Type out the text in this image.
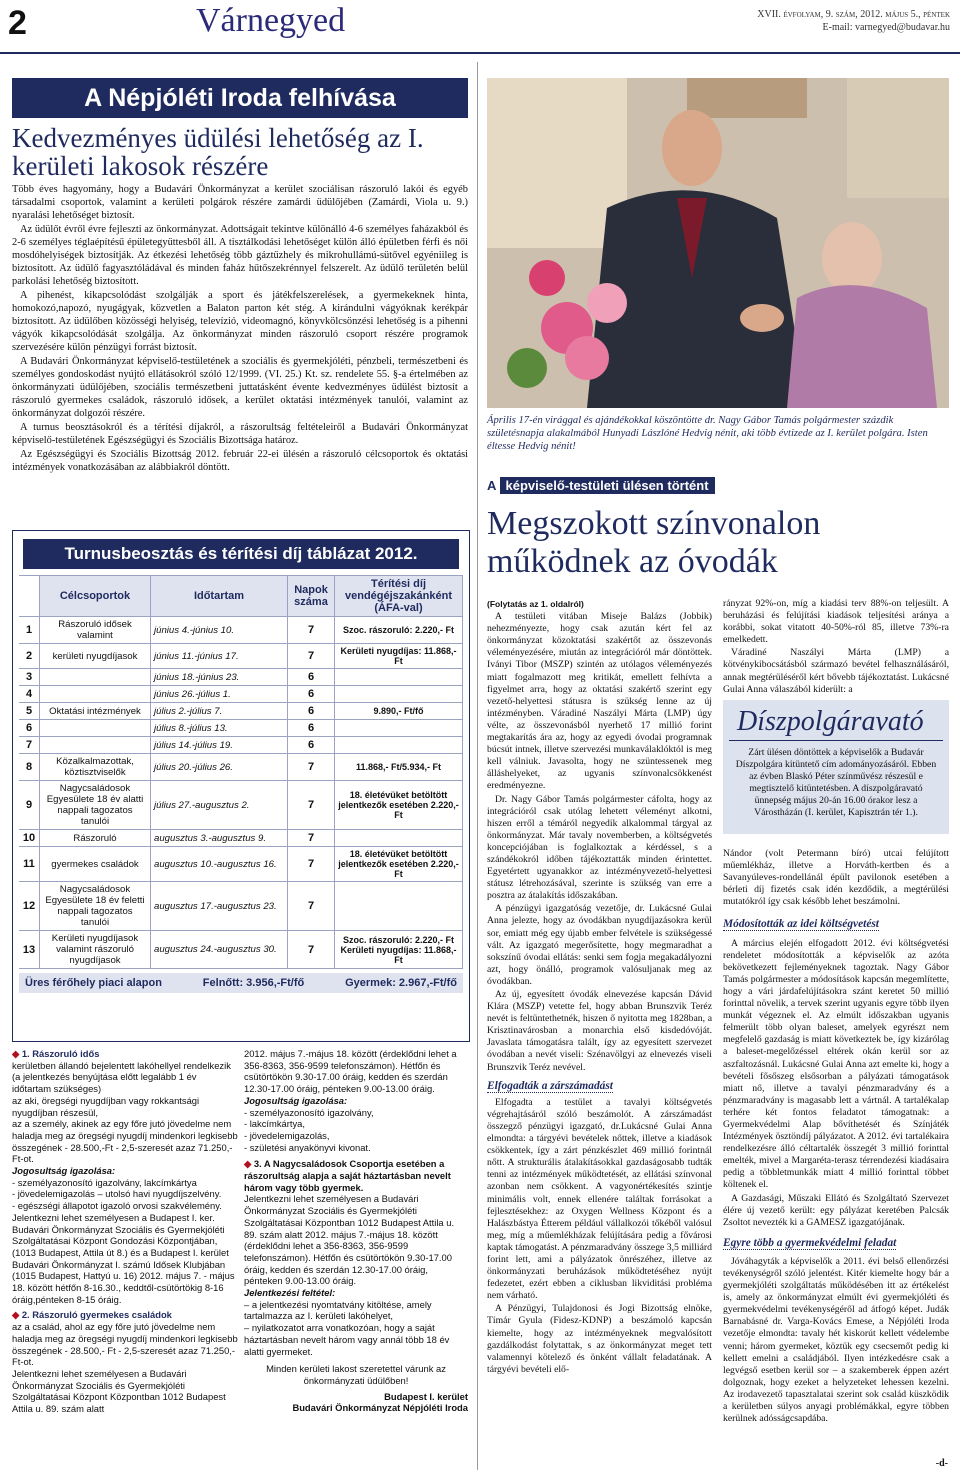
2	Várnegyed	XVII. évfolyam, 9. szám, 2012. május 5., péntek
E-mail: varnegyed@budavar.hu
A Népjóléti Iroda felhívása
Kedvezményes üdülési lehetőség az I. kerületi lakosok részére

Több éves hagyomány, hogy a Budavári Önkormányzat a kerület szociálisan rászoruló lakói és egyéb társadalmi csoportok, valamint a kerületi polgárok részére zamárdi üdülőjében (Zamárdi, Viola u. 9.) nyaralási lehetőséget biztosít.

Az üdülőt évről évre fejleszti az önkormányzat. Adottságait tekintve különálló 4-6 személyes faházakból és 2-6 személyes téglaépítésű épületegyüttesből áll. A tisztálkodási lehetőséget külön álló épületben férfi és női mosdóhelyiségek biztosítják. Az étkezési lehetőség több gáztűzhely és mikrohullámú-sütővel egyéniileg is biztosított. Az üdülő fagyasztóládával és minden faház hűtőszekrénnyel felszerelt. Az üdülő területén belül parkolási lehetőség biztosított.

A pihenést, kikapcsolódást szolgálják a sport és játékfelszerelések, a gyermekeknek hinta, homokozó,napozó, nyugágyak, közvetlen a Balaton parton két stég. A kirándulni vágyóknak kerékpár biztosított. Az üdülőben közösségi helyiség, televízió, videomagnó, könyvkölcsönzési lehetőség is a pihenni vágyók kikapcsolódását szolgálja. Az önkormányzat minden rászoruló csoport részére programok szervezésére külön pénzügyi forrást biztosít.

A Budavári Önkormányzat képviselő-testületének a szociális és gyermekjóléti, pénzbeli, természetbeni és személyes gondoskodást nyújtó ellátásokról szóló 12/1999. (VI. 25.) Kt. sz. rendelete 55. §-a értelmében az önkormányzati üdülőjében, szociális természetbeni juttatásként évente kedvezményes üdülést biztosít a rászoruló gyermekes családok, rászoruló idősek, a kerület oktatási intézmények tanulói, valamint az önkormányzat dolgozói részére.

A turnus beosztásokról és a térítési díjakról, a rászorultság feltételeiről a Budavári Önkormányzat képviselő-testületének Egészségügyi és Szociális Bizottsága határoz.

Az Egészségügyi és Szociális Bizottság 2012. február 22-ei ülésén a rászoruló célcsoportok és oktatási intézmények vonatkozásában az alábbiakról döntött.

Turnusbeosztás és térítési díj táblázat 2012.
	Célcsoportok	Időtartam	Napok száma	Térítési díj vendégéjszakánként (ÁFA-val)
1	Rászoruló idősek valamint	június 4.-június 10.	7	Szoc. rászoruló: 2.220,- Ft
2	kerületi nyugdíjasok	június 11.-június 17.	7	Kerületi nyugdíjas: 11.868,- Ft
3		június 18.-június 23.	6	
4		június 26.-július 1.	6	
5	Oktatási intézmények	július 2.-július 7.	6	9.890,- Ft/fő
6		július 8.-július 13.	6	
7		július 14.-július 19.	6	
8	Közalkalmazottak, köztisztviselők	július 20.-július 26.	7	11.868,- Ft/5.934,- Ft
9	Nagycsaládosok Egyesülete 18 év alatti nappali tagozatos tanulói	július 27.-augusztus 2.	7	18. életévüket betöltött jelentkezők esetében 2.220,- Ft
10	Rászoruló	augusztus 3.-augusztus 9.	7	
11	gyermekes családok	augusztus 10.-augusztus 16.	7	18. életévüket betöltött jelentkezők esetében 2.220,- Ft
12	Nagycsaládosok Egyesülete 18 év feletti nappali tagozatos tanulói	augusztus 17.-augusztus 23.	7	
13	Kerületi nyugdíjasok valamint rászoruló nyugdíjasok	augusztus 24.-augusztus 30.	7	Szoc. rászoruló: 2.220,- Ft Kerületi nyugdíjas: 11.868,- Ft
Üres férőhely piaci alapon	Felnőtt: 3.956,-Ft/fő	Gyermek: 2.967,-Ft/fő
◆ 1. Rászoruló idős
kerületben állandó bejelentett lakóhellyel rendelkezik (a jelentkezés benyújtása előtt legalább 1 év időtartam szükséges)
az aki, öregségi nyugdíjban vagy rokkantsági nyugdíjban részesül,
az a személy, akinek az egy főre jutó jövedelme nem haladja meg az öregségi nyugdíj mindenkori legkisebb összegének - 28.500,-Ft - 2,5-szeresét azaz 71.250,-Ft-ot.
Jogosultság igazolása:
- személyazonosító igazolvány, lakcímkártya
- jövedelemigazolás – utolsó havi nyugdíjszelvény.
- egészségi állapotot igazoló orvosi szakvélemény.
Jelentkezni lehet személyesen a Budapest I. ker. Budavári Önkormányzat Szociális és Gyermekjóléti Szolgáltatásai Központ Gondozási Központjában, (1013 Budapest, Attila út 8.) és a Budapest I. kerület Budavári Önkormányzat I. számú Idősek Klubjában (1015 Budapest, Hattyú u. 16) 2012. május 7. - május 18. között hétfőn 8-16.30., keddtől-csütörtökig 8-16 óráig,pénteken 8-15 óráig.
◆ 2. Rászoruló gyermekes családok
az a család, ahol az egy főre jutó jövedelme nem haladja meg az öregségi nyugdíj mindenkori legkisebb összegének - 28.500,- Ft - 2,5-szeresét azaz 71.250,-Ft-ot.
Jelentkezni lehet személyesen a Budavári Önkormányzat Szociális és Gyermekjóléti Szolgáltatásai Központ Központban 1012 Budapest Attila u. 89. szám alatt
2012. május 7.-május 18. között (érdeklődni lehet a 356-8363, 356-9599 telefonszámon). Hétfőn és csütörtökön 9.30-17.00 óráig, kedden és szerdán 12.30-17.00 óráig, pénteken 9.00-13.00 óráig.
Jogosultság igazolása:
- személyazonosító igazolvány,
- lakcímkártya,
- jövedelemigazolás,
- születési anyakönyvi kivonat.
◆ 3. A Nagycsaládosok Csoportja esetében a rászorultság alapja a saját háztartásban nevelt három vagy több gyermek.
Jelentkezni lehet személyesen a Budavári Önkormányzat Szociális és Gyermekjóléti Szolgáltatásai Központban 1012 Budapest Attila u. 89. szám alatt 2012. május 7.-május 18. között (érdeklődni lehet a 356-8363, 356-9599 telefonszámon). Hétfőn és csütörtökön 9.30-17.00 óráig, kedden és szerdán 12.30-17.00 óráig, pénteken 9.00-13.00 óráig.
Jelentkezési feltétel:
– a jelentkezési nyomtatvány kitöltése, amely tartalmazza az I. kerületi lakóhelyet,
– nyilatkozatot arra vonatkozóan, hogy a saját háztartásban nevelt három vagy annál több 18 év alatti gyermeket.
Minden kerületi lakost szeretettel várunk az önkormányzati üdülőben!
Budapest I. kerület
Budavári Önkormányzat Népjóléti Iroda
Április 17-én virággal és ajándékokkal köszöntötte dr. Nagy Gábor Tamás polgármester százdik születésnapja alakalmából Hunyadi Lászlóné Hedvig nénit, aki több évtizede az I. kerület polgára. Isten éltesse Hedvig nénit!
A képviselő-testületi ülésen történt
Megszokott színvonalon működnek az óvodák

(Folytatás az 1. oldalról)

A testületi vitában Miseje Balázs (Jobbik) nehezményezte, hogy csak azután kért fel az önkormányzat közoktatási szakértőt az összevonás véleményezésére, miután az integrációról már döntöttek. Iványi Tibor (MSZP) szintén az utólagos véleményezés miatt fogalmazott meg kritikát, emellett felhívta a figyelmet arra, hogy az oktatási szakértő szerint egy vezető-helyettesi státusra is szükség lenne az új intézményben. Váradiné Naszályi Márta (LMP) úgy vélte, az összevonásból nyerhető 17 millió forint megtakarítás ára az, hogy az egyedi óvodai programnak búcsút intnek, illetve szervezési munkaválaklóktól is meg kell válniuk. Javasolta, hogy ne szüntessenek meg álláshelyeket, az ugyanis színvonalcsökkenést eredményezne.

Dr. Nagy Gábor Tamás polgármester cáfolta, hogy az integrációról csak utólag lehetett véleményt alkotni, hiszen erről a témáról negyedik alkalommal tárgyal az önkormányzat. Már tavaly novemberben, a költségvetés koncepciójában is foglalkoztak a kérdéssel, s a szándékokról időben tájékoztatták minden érintettet. Egyetértett ugyanakkor az intézményvezető-helyettesi státusz létrehozásával, szerinte is szükség van erre a posztra az átalakítás időszakában.

A pénzügyi igazgatóság vezetője, dr. Lukácsné Gulai Anna jelezte, hogy az óvodákban nyugdíjazásokra kerül sor, emiatt még egy újabb ember felvétele is szükségessé vált. Az igazgató megerősítette, hogy megmaradhat a sokszínű óvodai ellátás: senki sem fogja megakadályozni azt, hogy önálló, programok valósuljanak meg az óvodákban.

Az új, egyesített óvodák elnevezése kapcsán Dávid Klára (MSZP) vetette fel, hogy abban Brunszvik Teréz nevét is feltüntethetnék, hiszen ő nyitotta meg 1828ban, a Krisztinavárosban a monarchia első kisdedóvóját. Javaslata támogatásra talált, így az egyesített szervezet óvodában a nevét viseli: Szénavölgyi az elnevezés viseli Brunszvik Teréz nevével.

Elfogadták a zárszámadást

Elfogadta a testület a tavalyi költségvetés végrehajtásáról szóló beszámolót. A zárszámadást összegző pénzügyi igazgató, dr.Lukácsné Gulai Anna elmondta: a tárgyévi bevételek nőttek, illetve a kiadások csökkentek, így a zárt pénzkészlet 469 millió forintnál nőtt. A strukturális átalakításokkal gazdaságosabb tudták tenni az intézmények működtetését, az ellátási színvonal azonban nem csökkent. A vagyonértékesítés szintje minimális volt, ennek ellenére találtak forrásokat a fejlesztésekhez: az Oxygen Wellness Központ és a Halászbástya Étterem például vállalkozói tőkéből valósul meg, míg a műemlékházak felújítására pedig a fővárosi kaptak támogatást. A pénzmaradvány összege 3,5 milliárd forint lett, ami a pályázatok önrészéhez, illetve az önkormányzati beruházások működtetéséhez nyújt fedezetet, ezért ebben a ciklusban likviditási probléma nem várható.

A Pénzügyi, Tulajdonosi és Jogi Bizottság elnöke, Tímár Gyula (Fidesz-KDNP) a beszámoló kapcsán kiemelte, hogy az intézményeknek megvalósított gazdálkodást folytattak, s az önkormányzat meget tett valamennyi kötelező és önként vállalt feladatának. A tárgyévi bevételi elő-

rányzat 92%-on, míg a kiadási terv 88%-on teljesült. A beruházási és felújítási kiadások teljesítési aránya a korábbi, sokat vitatott 40-50%-ról 85, illetve 73%-ra emelkedett.

Váradiné Naszályi Márta (LMP) a kötvénykibocsátásból származó bevétel felhasználásáról, annak megtérüléséről kért bővebb tájékoztatást. Lukácsné Gulai Anna válaszából kiderült: a

Díszpolgáravató
Zárt ülésen döntöttek a képviselők a Budavár Díszpolgára kitüntető cím adományozásáról. Ebben az évben Blaskó Péter színművész részesül e megtisztelő kitüntetésben. A díszpolgáravató ünnepség május 20-án 16.00 órakor lesz a Várostházán (I. kerület, Kapisztrán tér 1.).

Nándor (volt Petermann bíró) utcai felújított műemlékház, illetve a Horváth-kertben és a Savanyúleves-rondellánál épült pavilonok esetében a bérleti díj fizetés csak idén kezdődik, a megtérülési mutatókról így csak később lehet beszámolni.

Módosították az idei költségvetést

A március elején elfogadott 2012. évi költségvetési rendeletet módosították a képviselők az azóta bekövetkezett fejleményeknek tagoztak. Nagy Gábor Tamás polgármester a módosítások kapcsán megemlítette, hogy a vári járdafelújításokra szánt keretet 50 millió forinttal növelik, a tervek szerint ugyanis egyre több ilyen munkát végeznek el. Az elmúlt időszakban ugyanis felmerült több olyan baleset, amelyek egyrészt nem megfelelő gazdaság is miatt következtek be, így kizárólag a baleset-megelőzéssel eltérek okán kerül sor az aszfaltozásnál. Lukácsné Gulai Anna azt emelte ki, hogy a bevételi fősőszeg elsősorban a pályázati támogatások miatt nő, illetve a tavalyi pénzmaradvány és a pénzmaradvány is magasabb lett a vártnál. A tartalékalap terhére két fontos feladatot támogatnak: a Gyermekvédelmi Alap bővíthetését és Színjáték Intézmények ösztöndíj pályázatot. A 2012. évi tartalékaira rendelkezésre álló céltartalék összegét 3 millió forinttal emelték, mivel a Margaréta-terasz térrendezési kiadásaira pedig a többletmunkák miatt 4 millió forinttal többet költenek el.

A Gazdasági, Műszaki Ellátó és Szolgáltató Szervezet élére új vezető került: egy pályázat keretében Palcsák Zsoltot nevezték ki a GAMESZ igazgatójának.

Egyre több a gyermekvédelmi feladat

Jóváhagyták a képviselők a 2011. évi belső ellenőrzési tevékenységről szóló jelentést. Kitér kiemelte hogy bár a gyermekjóléti szolgáltatás működésében itt az értékelést is, amely az önkormányzat elmúlt évi gyermekjóléti és gyermekvédelmi tevékenységéről ad átfogó képet. Judák Barnabásné dr. Varga-Kovács Emese, a Népjóléti Iroda vezetője elmondta: tavaly hét kiskorút kellett védelembe venni; három gyermeket, köztük egy csecsemőt pedig ki kellett emelni a családjából. Ilyen intézkedésre csak a legvégső esetben kerül sor – a szakemberek éppen azért dolgoznak, hogy ezeket a helyzeteket lehessen kezelni. Az irodavezető tapasztalatai szerint sok család küszködik a kerületben súlyos anyagi problémákkal, egyre többen kerülnek adósságcsapdába.

-d-
